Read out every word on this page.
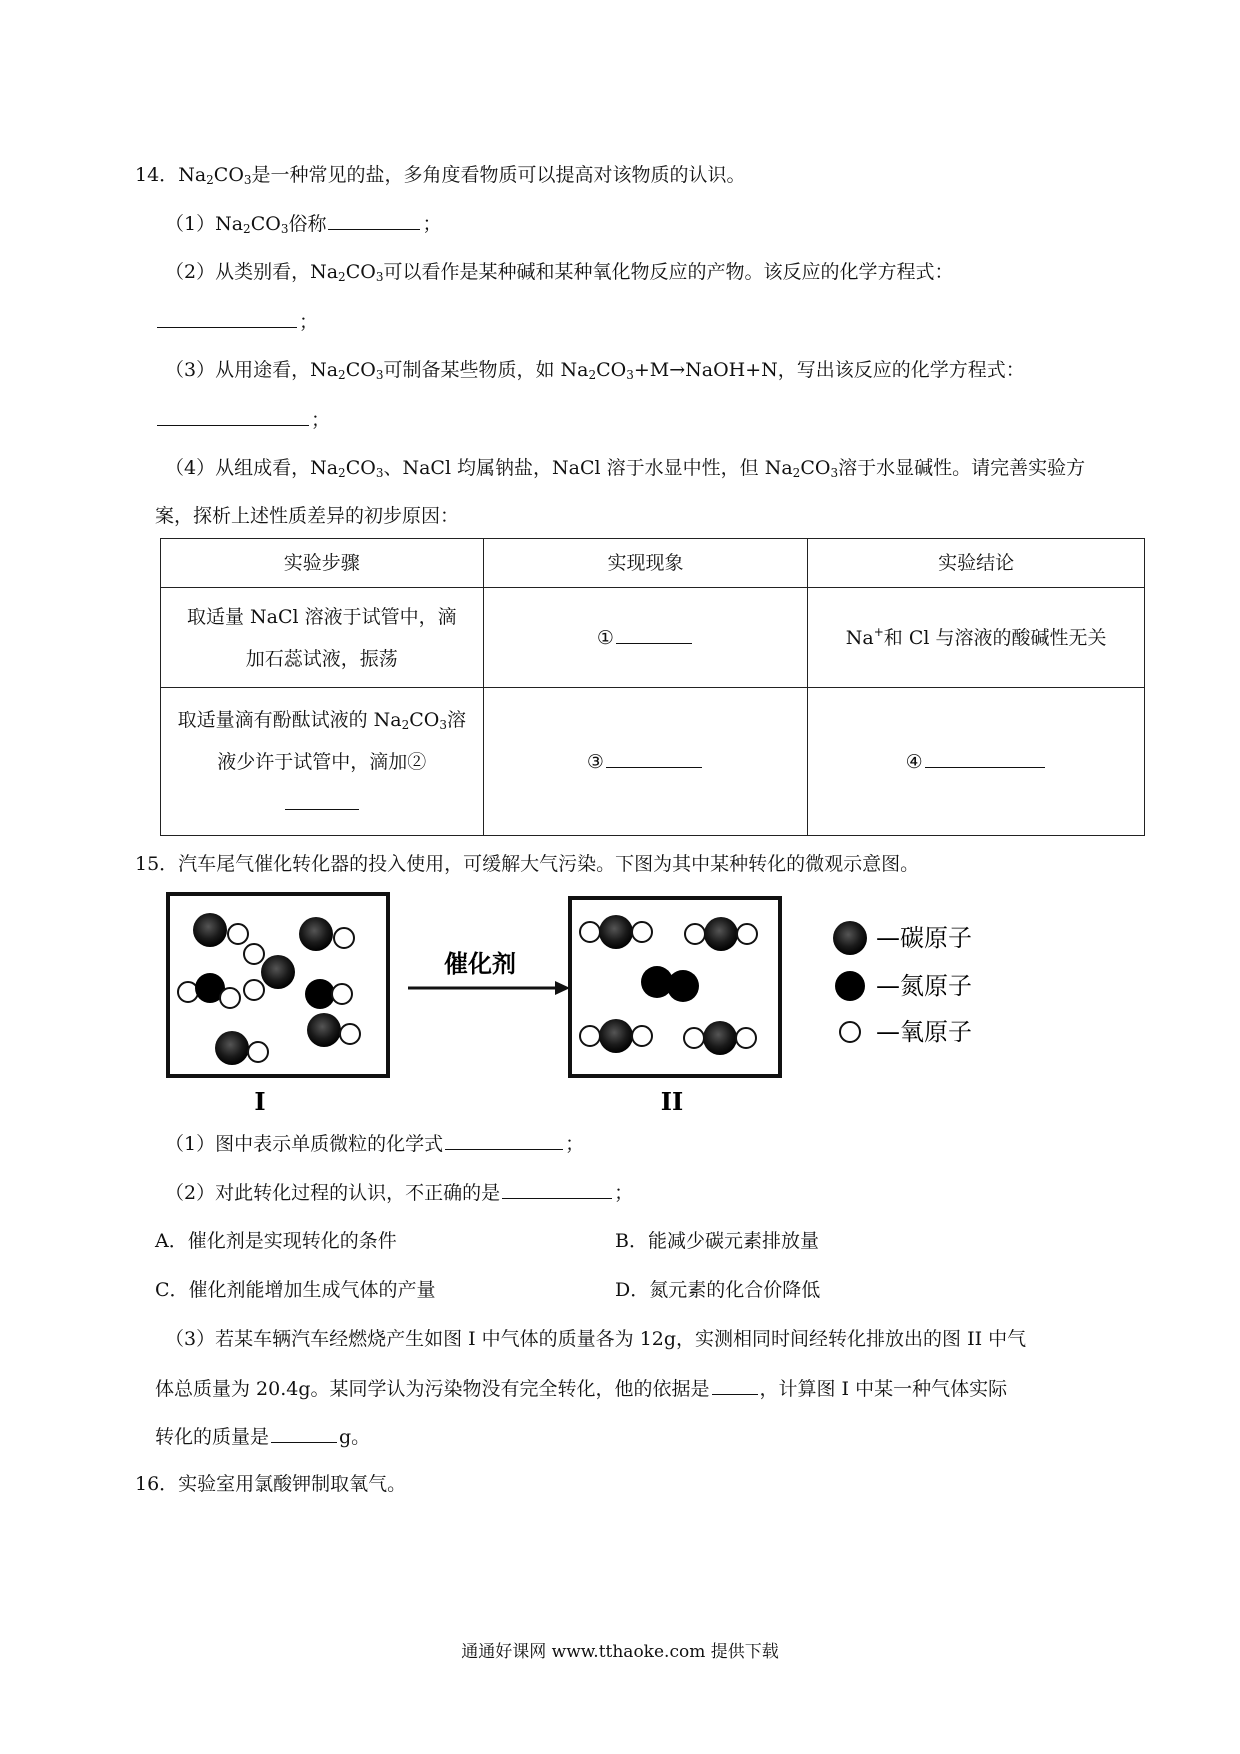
14．$Na_2CO_3$是一种常见的盐，多角度看物质可以提高对该物质的认识。
$(1)Na_2CO_3$俗称	；
（2）从类别看，$Na_2CO_3$可以看作是某种碱和某种氧化物反应的产物。该反应的化学方程式：
；
（3）从用途看，$Na_2CO_3$可制备某些物质，如 $Na_2CO_3+M\to NaOH+N$，写出该反应的化学方程式：
；
（4）从组成看，$Na_2CO_3$、NaCl 均属钠盐，NaCl 溶于水显中性，但 $Na_2CO_3$溶于水显碱性。请完善实验方
案，探析上述性质差异的初步原因：
实验步骤	实现现象	实验结论

取适量 NaCl 溶液于试管中，滴
加石蕊试液，振荡	①	Na+和 Cl 与溶液的酸碱性无关

取适量滴有酚酞试液的 $Na_2CO_3$溶
液少许于试管中，滴加②	③	④
15．汽车尾气催化转化器的投入使用，可缓解大气污染。下图为其中某种转化的微观示意图。
I
催化剂
II
—碳原子
—氮原子
—氧原子
（1）图中表示单质微粒的化学式	；
（2）对此转化过程的认识，不正确的是	；
A．催化剂是实现转化的条件	B．能减少碳元素排放量
C．催化剂能增加生成气体的产量	D．氮元素的化合价降低
（3）若某车辆汽车经燃烧产生如图 I 中气体的质量各为 12g，实测相同时间经转化排放出的图 II 中气
体总质量为 20.4g。某同学认为污染物没有完全转化，他的依据是	，计算图 I 中某一种气体实际
转化的质量是	g。
16．实验室用氯酸钾制取氧气。
通通好课网 www.tthaoke.com 提供下载
